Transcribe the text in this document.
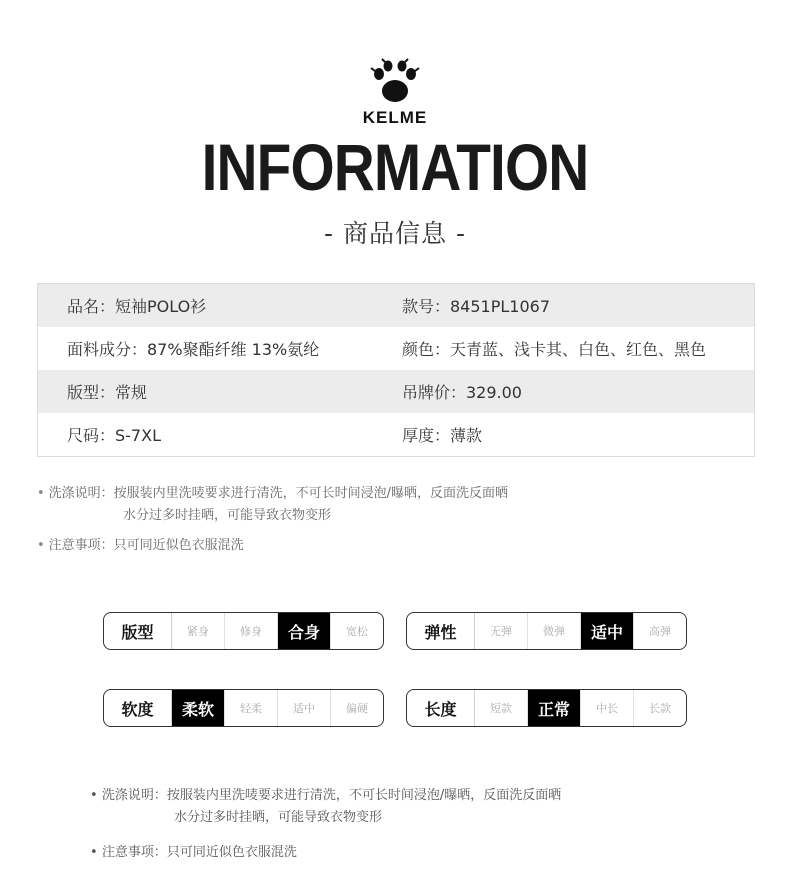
KELME
INFORMATION
- 商品信息 -
品名：短袖POLO衫	款号：8451PL1067
面料成分：87%聚酯纤维 13%氨纶	颜色：天青蓝、浅卡其、白色、红色、黑色
版型：常规	吊牌价：329.00
尺码：S-7XL	厚度：薄款
• 洗涤说明：按服装内里洗唛要求进行清洗，不可长时间浸泡/曝晒，反面洗反面晒
水分过多时挂晒，可能导致衣物变形
• 注意事项：只可同近似色衣服混洗
版型	紧身	修身	合身	宽松	弹性	无弹	微弹	适中	高弹
软度	柔软	轻柔	适中	偏硬	长度	短款	正常	中长	长款
• 洗涤说明：按服装内里洗唛要求进行清洗，不可长时间浸泡/曝晒，反面洗反面晒
水分过多时挂晒，可能导致衣物变形
• 注意事项：只可同近似色衣服混洗
